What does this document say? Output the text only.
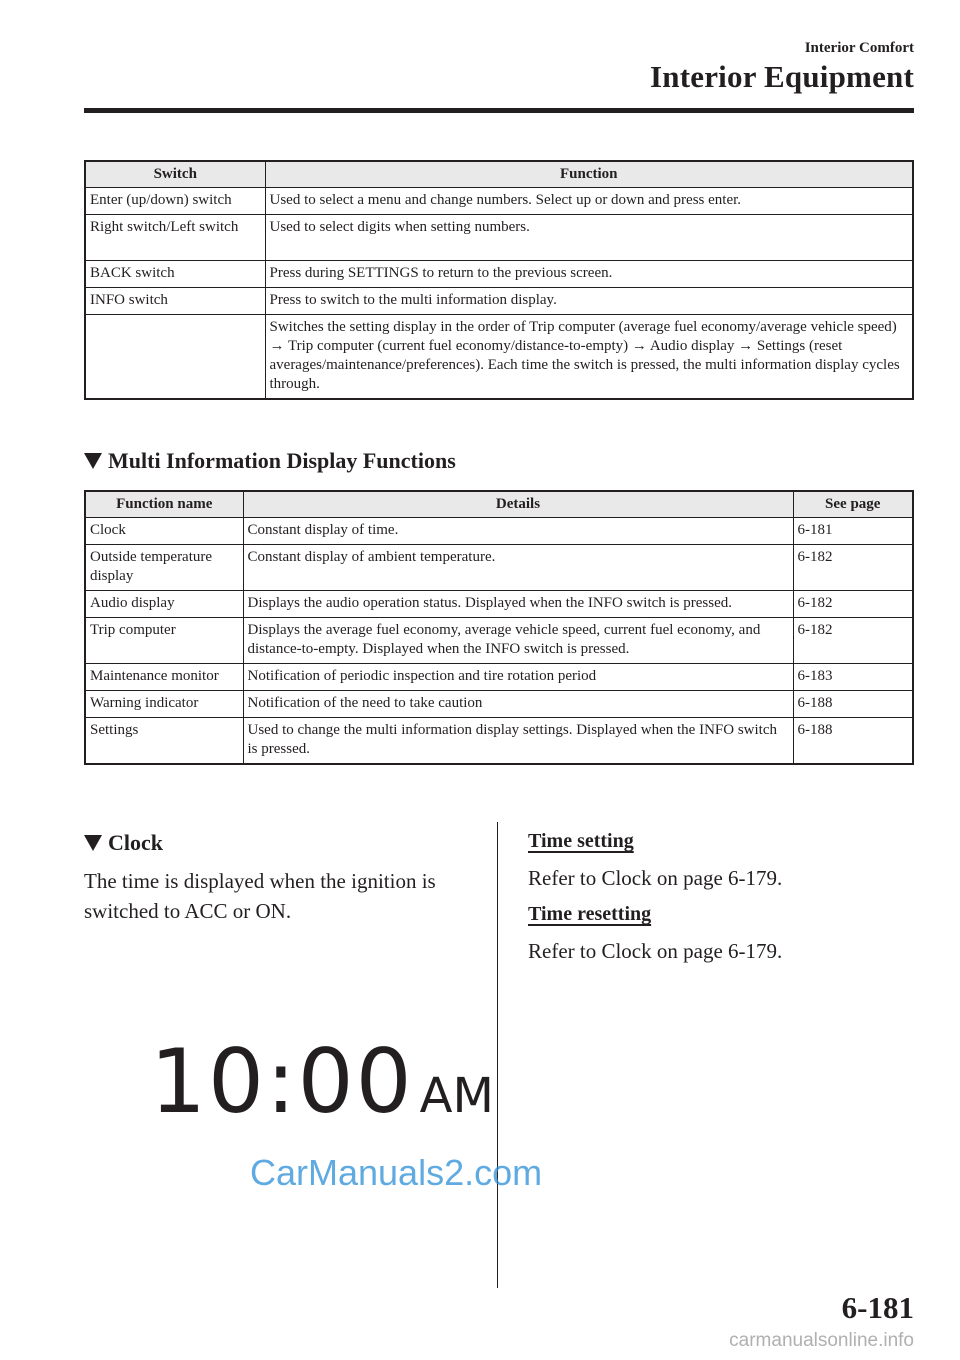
Interior Comfort
Interior Equipment
Switch	Function
Enter (up/down) switch	Used to select a menu and change numbers. Select up or down and press enter.
Right switch/Left switch	Used to select digits when setting numbers.
BACK switch	Press during SETTINGS to return to the previous screen.
INFO switch	Press to switch to the multi information display.
	Switches the setting display in the order of Trip computer (average fuel economy/average vehicle speed) → Trip computer (current fuel economy/distance-to-empty) → Audio display → Settings (reset averages/maintenance/preferences). Each time the switch is pressed, the multi information display cycles through.
Multi Information Display Functions
Function name	Details	See page
Clock	Constant display of time.	6-181
Outside temperature display	Constant display of ambient temperature.	6-182
Audio display	Displays the audio operation status. Displayed when the INFO switch is pressed.	6-182
Trip computer	Displays the average fuel economy, average vehicle speed, current fuel economy, and distance-to-empty. Displayed when the INFO switch is pressed.	6-182
Maintenance monitor	Notification of periodic inspection and tire rotation period	6-183
Warning indicator	Notification of the need to take caution	6-188
Settings	Used to change the multi information display settings. Displayed when the INFO switch is pressed.	6-188
Clock
The time is displayed when the ignition is switched to ACC or ON.
Time setting
Refer to Clock on page 6-179.
Time resetting
Refer to Clock on page 6-179.
10:00 AM
CarManuals2.com
6-181
carmanualsonline.info
